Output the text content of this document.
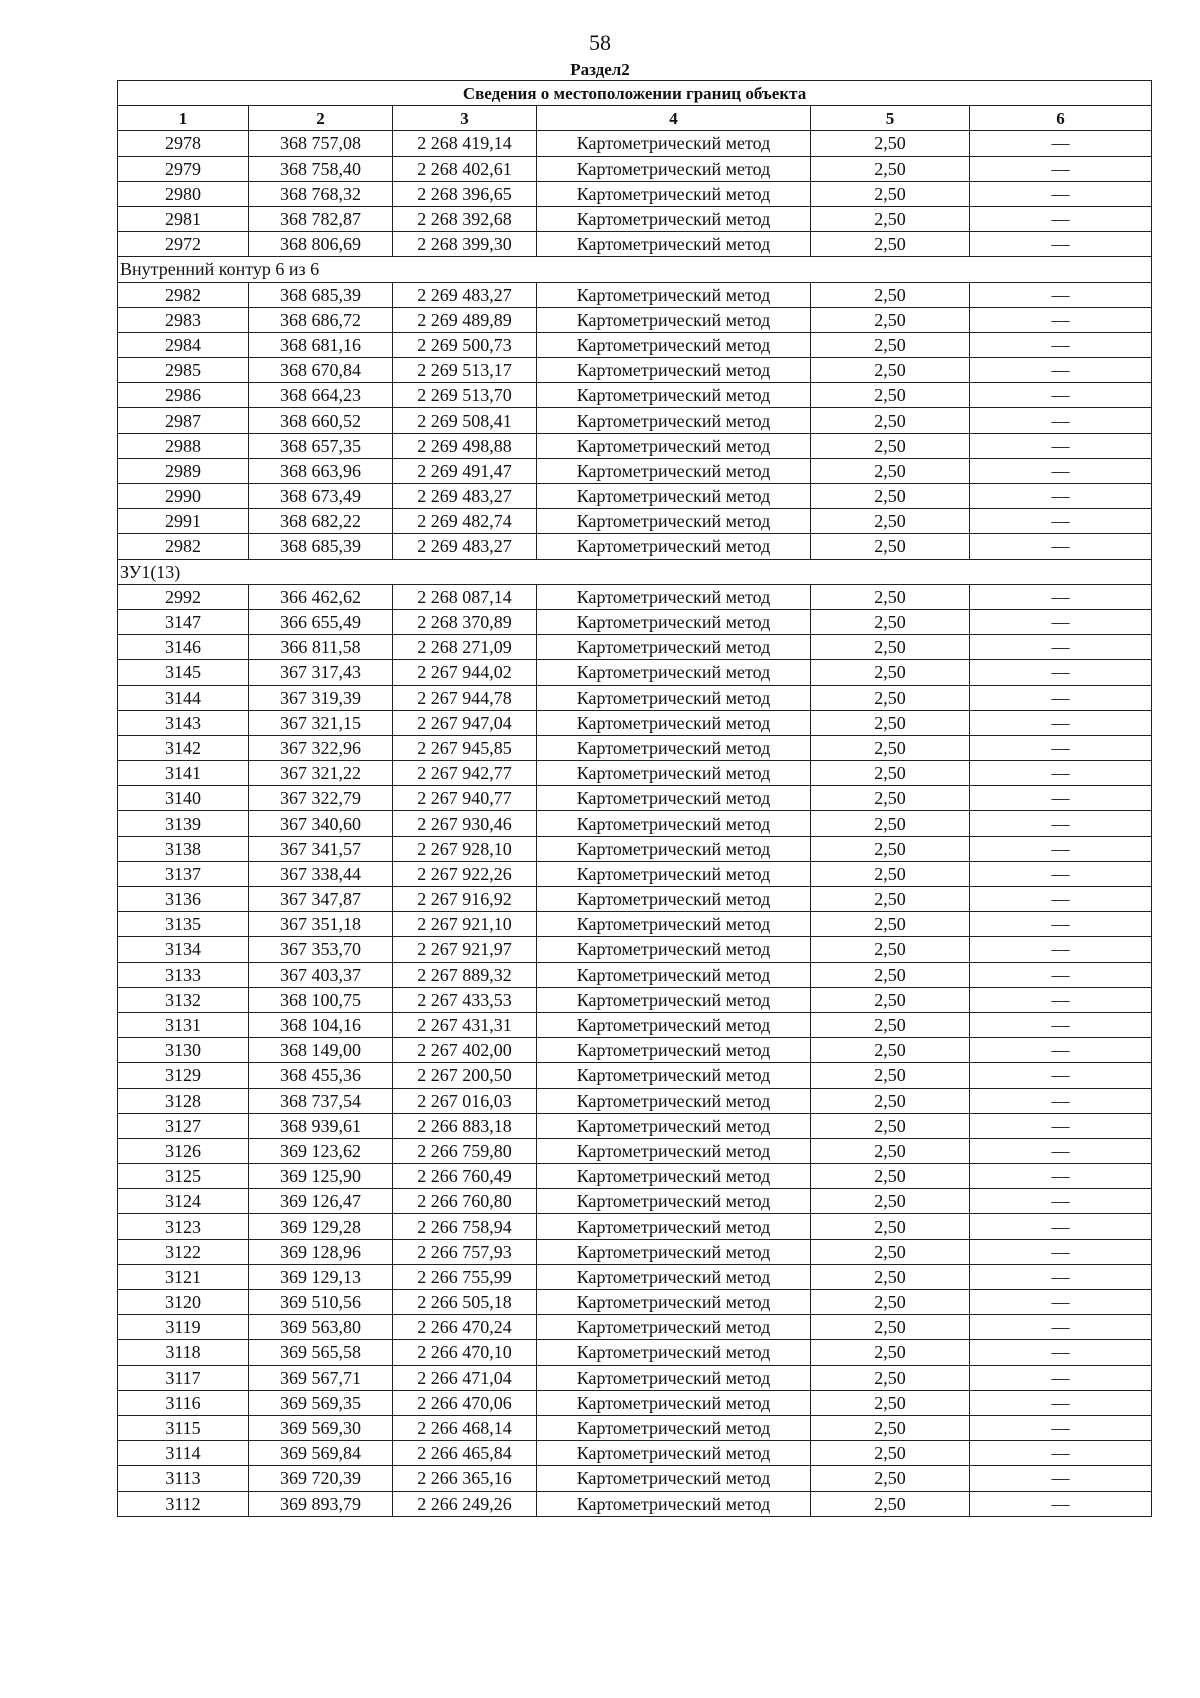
58
Раздел2
Сведения о местоположении границ объекта					
1	2	3	4	5	6
2978	368 757,08	2 268 419,14	Картометрический метод	2,50	—
2979	368 758,40	2 268 402,61	Картометрический метод	2,50	—
2980	368 768,32	2 268 396,65	Картометрический метод	2,50	—
2981	368 782,87	2 268 392,68	Картометрический метод	2,50	—
2972	368 806,69	2 268 399,30	Картометрический метод	2,50	—
Внутренний контур 6 из 6					
2982	368 685,39	2 269 483,27	Картометрический метод	2,50	—
2983	368 686,72	2 269 489,89	Картометрический метод	2,50	—
2984	368 681,16	2 269 500,73	Картометрический метод	2,50	—
2985	368 670,84	2 269 513,17	Картометрический метод	2,50	—
2986	368 664,23	2 269 513,70	Картометрический метод	2,50	—
2987	368 660,52	2 269 508,41	Картометрический метод	2,50	—
2988	368 657,35	2 269 498,88	Картометрический метод	2,50	—
2989	368 663,96	2 269 491,47	Картометрический метод	2,50	—
2990	368 673,49	2 269 483,27	Картометрический метод	2,50	—
2991	368 682,22	2 269 482,74	Картометрический метод	2,50	—
2982	368 685,39	2 269 483,27	Картометрический метод	2,50	—
ЗУ1(13)					
2992	366 462,62	2 268 087,14	Картометрический метод	2,50	—
3147	366 655,49	2 268 370,89	Картометрический метод	2,50	—
3146	366 811,58	2 268 271,09	Картометрический метод	2,50	—
3145	367 317,43	2 267 944,02	Картометрический метод	2,50	—
3144	367 319,39	2 267 944,78	Картометрический метод	2,50	—
3143	367 321,15	2 267 947,04	Картометрический метод	2,50	—
3142	367 322,96	2 267 945,85	Картометрический метод	2,50	—
3141	367 321,22	2 267 942,77	Картометрический метод	2,50	—
3140	367 322,79	2 267 940,77	Картометрический метод	2,50	—
3139	367 340,60	2 267 930,46	Картометрический метод	2,50	—
3138	367 341,57	2 267 928,10	Картометрический метод	2,50	—
3137	367 338,44	2 267 922,26	Картометрический метод	2,50	—
3136	367 347,87	2 267 916,92	Картометрический метод	2,50	—
3135	367 351,18	2 267 921,10	Картометрический метод	2,50	—
3134	367 353,70	2 267 921,97	Картометрический метод	2,50	—
3133	367 403,37	2 267 889,32	Картометрический метод	2,50	—
3132	368 100,75	2 267 433,53	Картометрический метод	2,50	—
3131	368 104,16	2 267 431,31	Картометрический метод	2,50	—
3130	368 149,00	2 267 402,00	Картометрический метод	2,50	—
3129	368 455,36	2 267 200,50	Картометрический метод	2,50	—
3128	368 737,54	2 267 016,03	Картометрический метод	2,50	—
3127	368 939,61	2 266 883,18	Картометрический метод	2,50	—
3126	369 123,62	2 266 759,80	Картометрический метод	2,50	—
3125	369 125,90	2 266 760,49	Картометрический метод	2,50	—
3124	369 126,47	2 266 760,80	Картометрический метод	2,50	—
3123	369 129,28	2 266 758,94	Картометрический метод	2,50	—
3122	369 128,96	2 266 757,93	Картометрический метод	2,50	—
3121	369 129,13	2 266 755,99	Картометрический метод	2,50	—
3120	369 510,56	2 266 505,18	Картометрический метод	2,50	—
3119	369 563,80	2 266 470,24	Картометрический метод	2,50	—
3118	369 565,58	2 266 470,10	Картометрический метод	2,50	—
3117	369 567,71	2 266 471,04	Картометрический метод	2,50	—
3116	369 569,35	2 266 470,06	Картометрический метод	2,50	—
3115	369 569,30	2 266 468,14	Картометрический метод	2,50	—
3114	369 569,84	2 266 465,84	Картометрический метод	2,50	—
3113	369 720,39	2 266 365,16	Картометрический метод	2,50	—
3112	369 893,79	2 266 249,26	Картометрический метод	2,50	—
